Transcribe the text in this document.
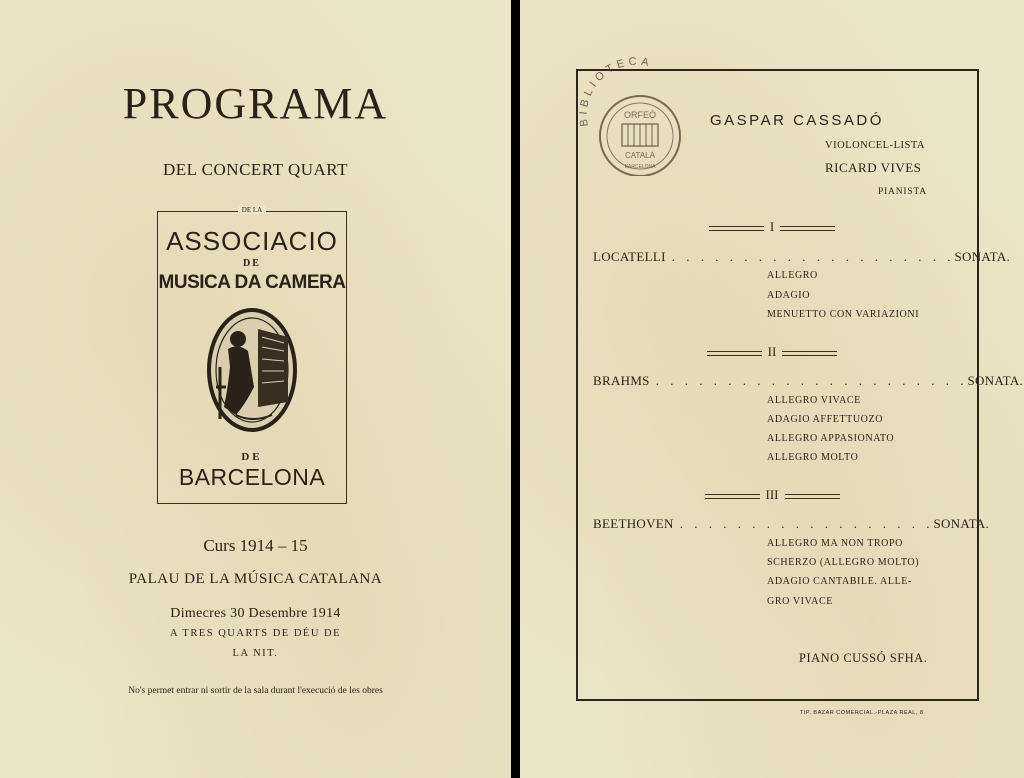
PROGRAMA
DEL CONCERT QUART
DE LA
ASSOCIACIO
DE
MUSICA DA CAMERA
DE
BARCELONA
Curs 1914 – 15
PALAU DE LA MÚSICA CATALANA
Dimecres 30 Desembre 1914
A TRES QUARTS DE DÉU DE
LA NIT.
No's permet entrar ni sortir de la sala durant l'execució de les obres
BIBLIOTECA
ORFEÓ
CATALÀ
BARCELONA
GASPAR CASSADÓ
VIOLONCEL-LISTA
RICARD VIVES
PIANISTA
I
LOCATELLI . . . . . . . . . . . . . . . . . . . . SONATA.
ALLEGRO
ADAGIO
MENUETTO CON VARIAZIONI
II
BRAHMS . . . . . . . . . . . . . . . . . . . . . . SONATA.
ALLEGRO VIVACE
ADAGIO AFFETTUOZO
ALLEGRO APPASIONATO
ALLEGRO MOLTO
III
BEETHOVEN . . . . . . . . . . . . . . . . . . SONATA.
ALLEGRO MA NON TROPO
SCHERZO (ALLEGRO MOLTO)
ADAGIO CANTABILE. ALLE-
GRO VIVACE
PIANO CUSSÓ SFHA.
TIP. BAZAR COMERCIAL.-PLAZA REAL, 8
